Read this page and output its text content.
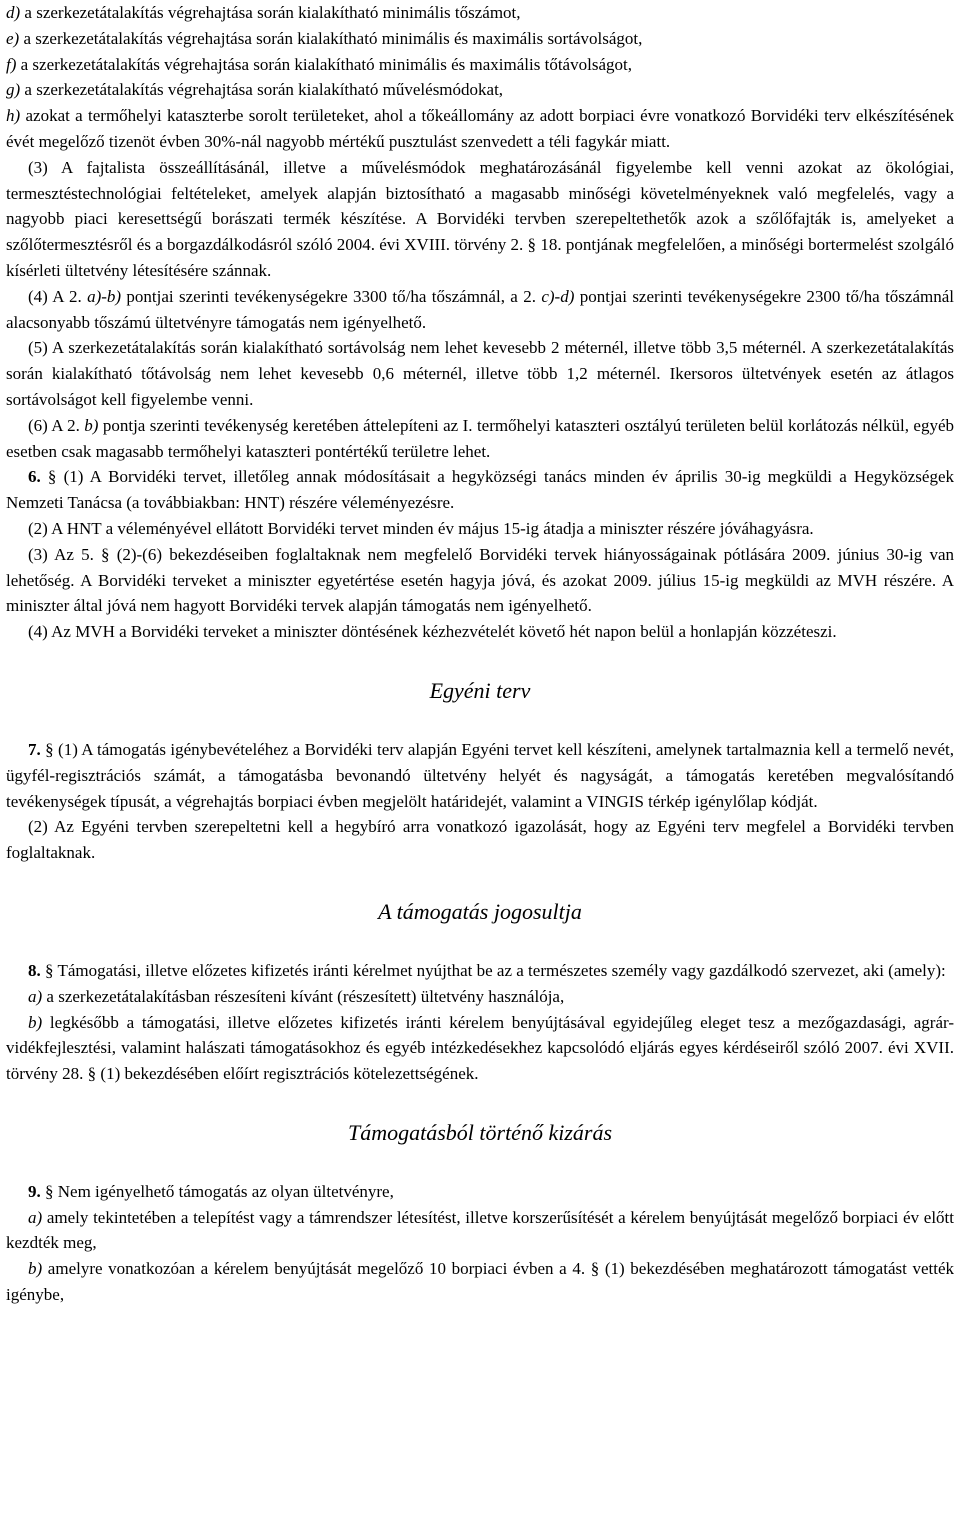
d) a szerkezetátalakítás végrehajtása során kialakítható minimális tőszámot,

e) a szerkezetátalakítás végrehajtása során kialakítható minimális és maximális sortávolságot,

f) a szerkezetátalakítás végrehajtása során kialakítható minimális és maximális tőtávolságot,

g) a szerkezetátalakítás végrehajtása során kialakítható művelésmódokat,

h) azokat a termőhelyi kataszterbe sorolt területeket, ahol a tőkeállomány az adott borpiaci évre vonatkozó Borvidéki terv elkészítésének évét megelőző tizenöt évben 30%-nál nagyobb mértékű pusztulást szenvedett a téli fagykár miatt.

(3) A fajtalista összeállításánál, illetve a művelésmódok meghatározásánál figyelembe kell venni azokat az ökológiai, termesztéstechnológiai feltételeket, amelyek alapján biztosítható a magasabb minőségi követelményeknek való megfelelés, vagy a nagyobb piaci keresettségű borászati termék készítése. A Borvidéki tervben szerepeltethetők azok a szőlőfajták is, amelyeket a szőlőtermesztésről és a borgazdálkodásról szóló 2004. évi XVIII. törvény 2. § 18. pontjának megfelelően, a minőségi bortermelést szolgáló kísérleti ültetvény létesítésére szánnak.

(4) A 2. a)-b) pontjai szerinti tevékenységekre 3300 tő/ha tőszámnál, a 2. c)-d) pontjai szerinti tevékenységekre 2300 tő/ha tőszámnál alacsonyabb tőszámú ültetvényre támogatás nem igényelhető.

(5) A szerkezetátalakítás során kialakítható sortávolság nem lehet kevesebb 2 méternél, illetve több 3,5 méternél. A szerkezetátalakítás során kialakítható tőtávolság nem lehet kevesebb 0,6 méternél, illetve több 1,2 méternél. Ikersoros ültetvények esetén az átlagos sortávolságot kell figyelembe venni.

(6) A 2. b) pontja szerinti tevékenység keretében áttelepíteni az I. termőhelyi kataszteri osztályú területen belül korlátozás nélkül, egyéb esetben csak magasabb termőhelyi kataszteri pontértékű területre lehet.

6. § (1) A Borvidéki tervet, illetőleg annak módosításait a hegyközségi tanács minden év április 30-ig megküldi a Hegyközségek Nemzeti Tanácsa (a továbbiakban: HNT) részére véleményezésre.

(2) A HNT a véleményével ellátott Borvidéki tervet minden év május 15-ig átadja a miniszter részére jóváhagyásra.

(3) Az 5. § (2)-(6) bekezdéseiben foglaltaknak nem megfelelő Borvidéki tervek hiányosságainak pótlására 2009. június 30-ig van lehetőség. A Borvidéki terveket a miniszter egyetértése esetén hagyja jóvá, és azokat 2009. július 15-ig megküldi az MVH részére. A miniszter által jóvá nem hagyott Borvidéki tervek alapján támogatás nem igényelhető.

(4) Az MVH a Borvidéki terveket a miniszter döntésének kézhezvételét követő hét napon belül a honlapján közzéteszi.

Egyéni terv

7. § (1) A támogatás igénybevételéhez a Borvidéki terv alapján Egyéni tervet kell készíteni, amelynek tartalmaznia kell a termelő nevét, ügyfél-regisztrációs számát, a támogatásba bevonandó ültetvény helyét és nagyságát, a támogatás keretében megvalósítandó tevékenységek típusát, a végrehajtás borpiaci évben megjelölt határidejét, valamint a VINGIS térkép igénylőlap kódját.

(2) Az Egyéni tervben szerepeltetni kell a hegybíró arra vonatkozó igazolását, hogy az Egyéni terv megfelel a Borvidéki tervben foglaltaknak.

A támogatás jogosultja

8. § Támogatási, illetve előzetes kifizetés iránti kérelmet nyújthat be az a természetes személy vagy gazdálkodó szervezet, aki (amely):

a) a szerkezetátalakításban részesíteni kívánt (részesített) ültetvény használója,

b) legkésőbb a támogatási, illetve előzetes kifizetés iránti kérelem benyújtásával egyidejűleg eleget tesz a mezőgazdasági, agrár-vidékfejlesztési, valamint halászati támogatásokhoz és egyéb intézkedésekhez kapcsolódó eljárás egyes kérdéseiről szóló 2007. évi XVII. törvény 28. § (1) bekezdésében előírt regisztrációs kötelezettségének.

Támogatásból történő kizárás

9. § Nem igényelhető támogatás az olyan ültetvényre,

a) amely tekintetében a telepítést vagy a támrendszer létesítést, illetve korszerűsítését a kérelem benyújtását megelőző borpiaci év előtt kezdték meg,

b) amelyre vonatkozóan a kérelem benyújtását megelőző 10 borpiaci évben a 4. § (1) bekezdésében meghatározott támogatást vették igénybe,
